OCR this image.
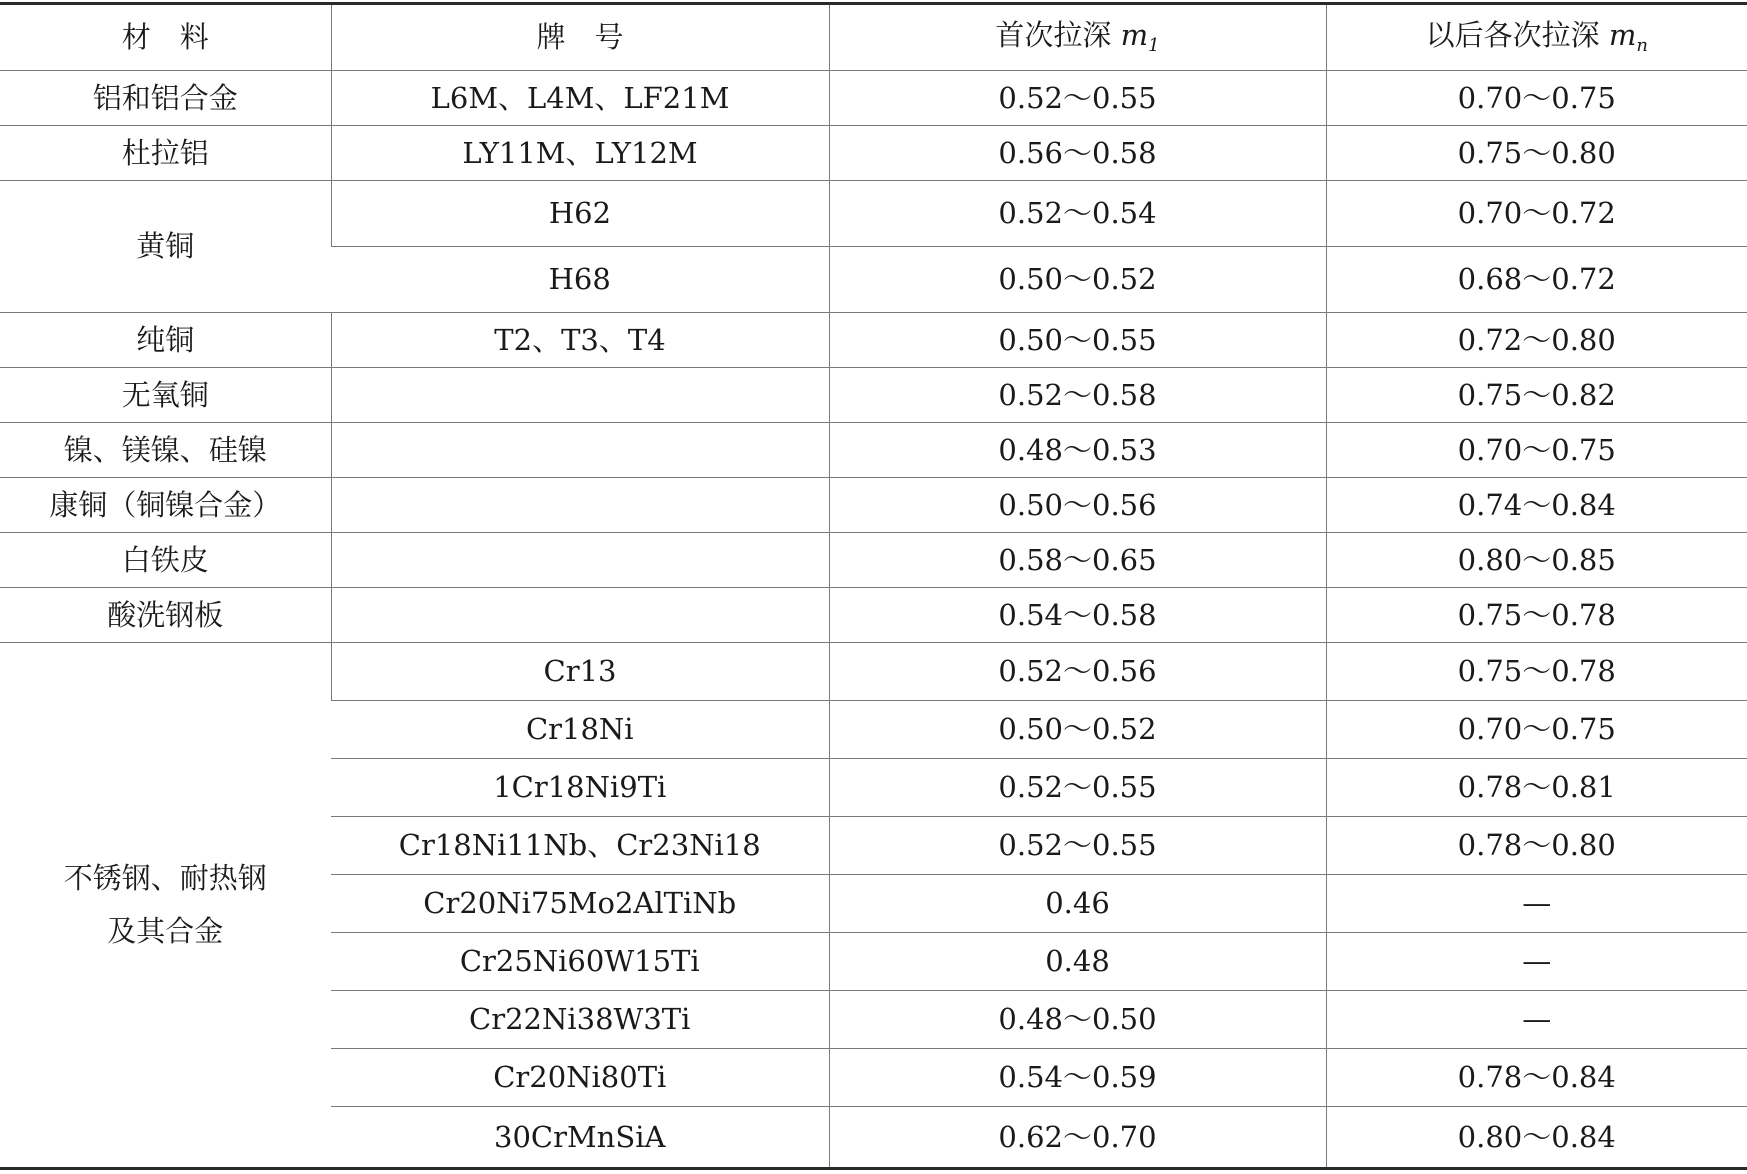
材　料	牌　号	首次拉深 $m_1$	以后各次拉深 $m_n$
铝和铝合金	L6M、L4M、LF21M	0.52～0.55	0.70～0.75
杜拉铝	LY11M、LY12M	0.56～0.58	0.75～0.80
黄铜	H62	0.52～0.54	0.70～0.72
	H68	0.50～0.52	0.68～0.72
纯铜	T2、T3、T4	0.50～0.55	0.72～0.80
无氧铜		0.52～0.58	0.75～0.82
镍、镁镍、硅镍		0.48～0.53	0.70～0.75
康铜（铜镍合金）		0.50～0.56	0.74～0.84
白铁皮		0.58～0.65	0.80～0.85
酸洗钢板		0.54～0.58	0.75～0.78

不锈钢、耐热钢
及其合金	Cr13	0.52～0.56	0.75～0.78
	Cr18Ni	0.50～0.52	0.70～0.75
	1Cr18Ni9Ti	0.52～0.55	0.78～0.81
	Cr18Ni11Nb、Cr23Ni18	0.52～0.55	0.78～0.80
	Cr20Ni75Mo2AlTiNb	0.46	—
	Cr25Ni60W15Ti	0.48	—
	Cr22Ni38W3Ti	0.48～0.50	—
	Cr20Ni80Ti	0.54～0.59	0.78～0.84
	30CrMnSiA	0.62～0.70	0.80～0.84
